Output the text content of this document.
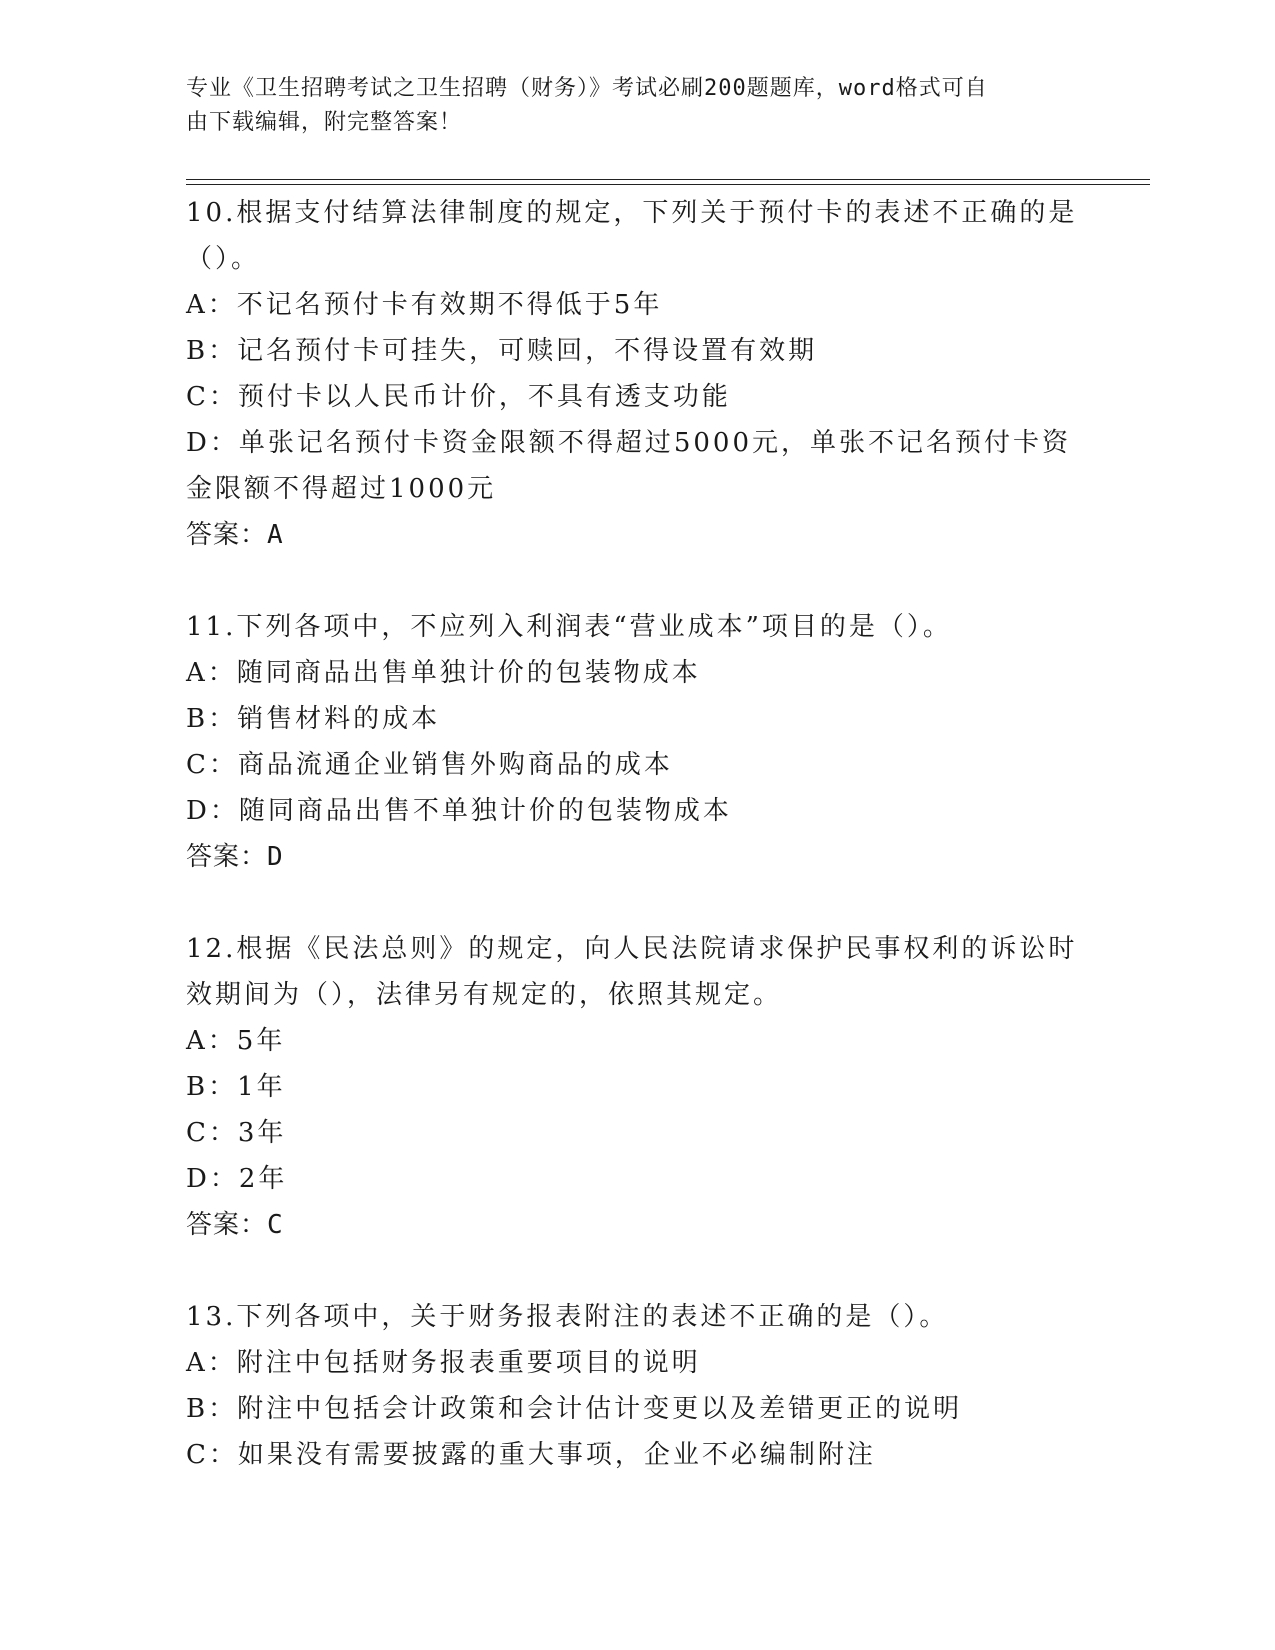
专业《卫生招聘考试之卫生招聘（财务）》考试必刷200题题库，word格式可自
由下载编辑，附完整答案！
10.根据支付结算法律制度的规定，下列关于预付卡的表述不正确的是
（）。
A：不记名预付卡有效期不得低于5年
B：记名预付卡可挂失，可赎回，不得设置有效期
C：预付卡以人民币计价，不具有透支功能
D：单张记名预付卡资金限额不得超过5000元，单张不记名预付卡资
金限额不得超过1000元
答案：A
11.下列各项中，不应列入利润表“营业成本”项目的是（）。
A：随同商品出售单独计价的包装物成本
B：销售材料的成本
C：商品流通企业销售外购商品的成本
D：随同商品出售不单独计价的包装物成本
答案：D
12.根据《民法总则》的规定，向人民法院请求保护民事权利的诉讼时
效期间为（），法律另有规定的，依照其规定。
A：5年
B：1年
C：3年
D：2年
答案：C
13.下列各项中，关于财务报表附注的表述不正确的是（）。
A：附注中包括财务报表重要项目的说明
B：附注中包括会计政策和会计估计变更以及差错更正的说明
C：如果没有需要披露的重大事项，企业不必编制附注
